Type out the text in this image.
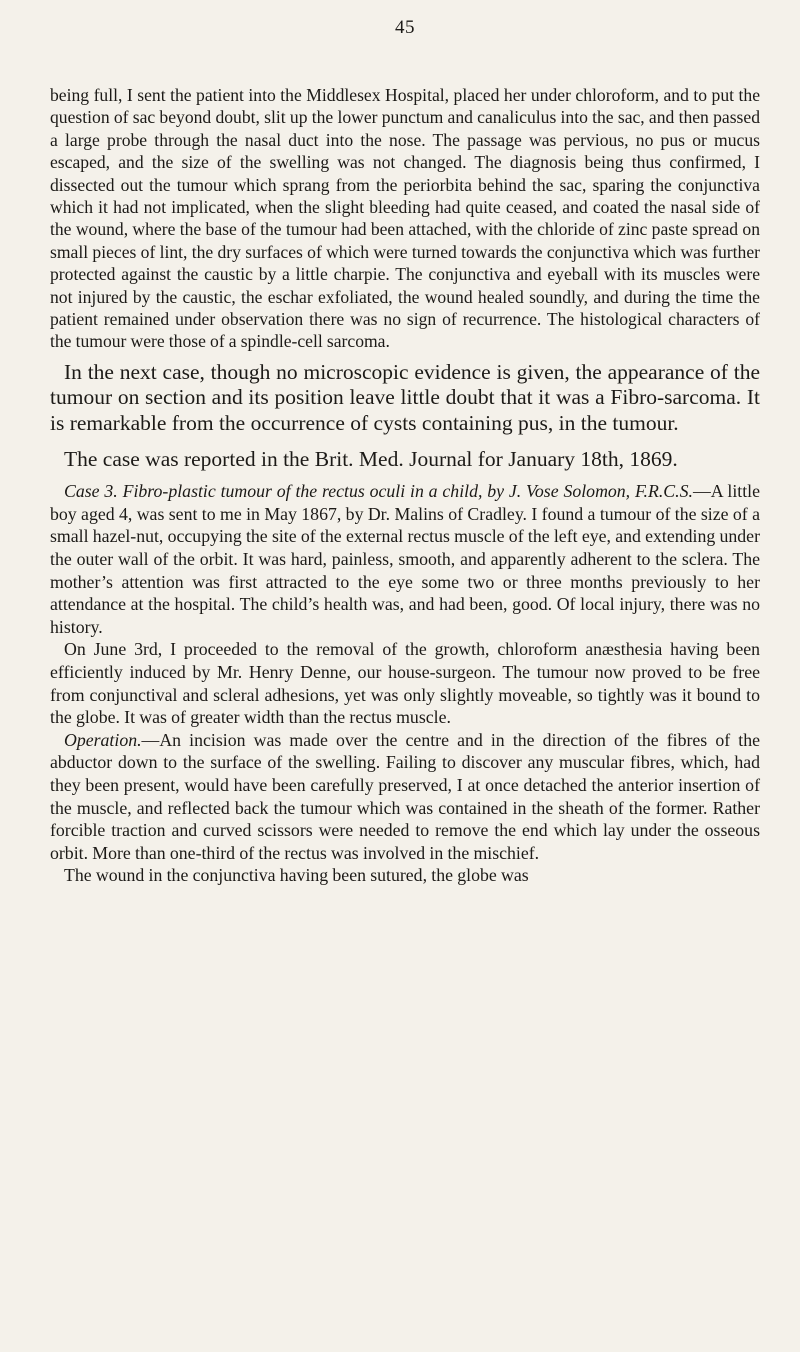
45

being full, I sent the patient into the Middlesex Hospital, placed her under chloroform, and to put the question of sac beyond doubt, slit up the lower punctum and canaliculus into the sac, and then passed a large probe through the nasal duct into the nose. The passage was pervious, no pus or mucus escaped, and the size of the swelling was not changed. The diagnosis being thus confirmed, I dissected out the tumour which sprang from the periorbita behind the sac, sparing the conjunctiva which it had not implicated, when the slight bleeding had quite ceased, and coated the nasal side of the wound, where the base of the tumour had been attached, with the chloride of zinc paste spread on small pieces of lint, the dry surfaces of which were turned towards the conjunctiva which was further protected against the caustic by a little charpie. The conjunctiva and eyeball with its muscles were not injured by the caustic, the eschar exfoliated, the wound healed soundly, and during the time the patient remained under observation there was no sign of recurrence. The histological characters of the tumour were those of a spindle-cell sarcoma.

In the next case, though no microscopic evidence is given, the appearance of the tumour on section and its position leave little doubt that it was a Fibro-sarcoma. It is remarkable from the occurrence of cysts containing pus, in the tumour.

The case was reported in the Brit. Med. Journal for January 18th, 1869.

Case 3. Fibro-plastic tumour of the rectus oculi in a child, by J. Vose Solomon, F.R.C.S.—A little boy aged 4, was sent to me in May 1867, by Dr. Malins of Cradley. I found a tumour of the size of a small hazel-nut, occupying the site of the external rectus muscle of the left eye, and extending under the outer wall of the orbit. It was hard, painless, smooth, and apparently adherent to the sclera. The mother’s attention was first attracted to the eye some two or three months previously to her attendance at the hospital. The child’s health was, and had been, good. Of local injury, there was no history.

On June 3rd, I proceeded to the removal of the growth, chloroform anæsthesia having been efficiently induced by Mr. Henry Denne, our house-surgeon. The tumour now proved to be free from conjunctival and scleral adhesions, yet was only slightly moveable, so tightly was it bound to the globe. It was of greater width than the rectus muscle.

Operation.—An incision was made over the centre and in the direction of the fibres of the abductor down to the surface of the swelling. Failing to discover any muscular fibres, which, had they been present, would have been carefully preserved, I at once detached the anterior insertion of the muscle, and reflected back the tumour which was contained in the sheath of the former. Rather forcible traction and curved scissors were needed to remove the end which lay under the osseous orbit. More than one-third of the rectus was involved in the mischief.

The wound in the conjunctiva having been sutured, the globe was
